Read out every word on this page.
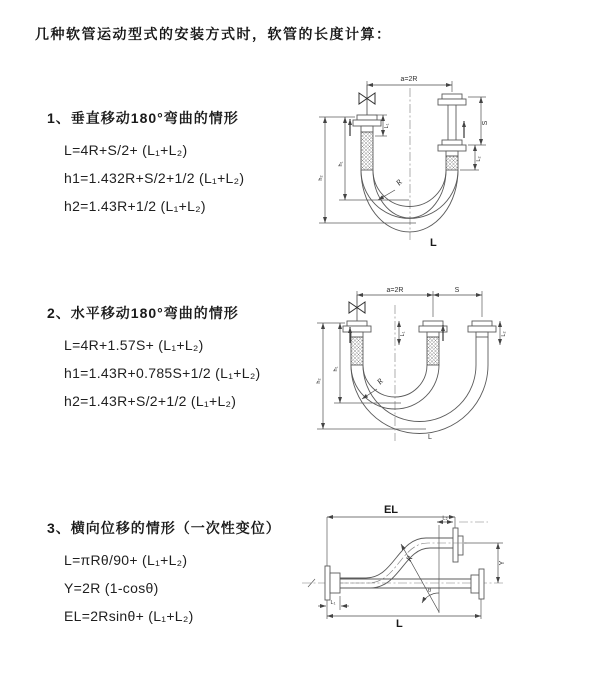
几种软管运动型式的安装方式时，软管的长度计算：
1、垂直移动180°弯曲的情形

L=4R+S/2+ (L₁+L₂)

h1=1.432R+S/2+1/2 (L₁+L₂)

h2=1.43R+1/2 (L₁+L₂)

a=2R
L₁
S
L₂
h₂
h₁
R
L
2、水平移动180°弯曲的情形

L=4R+1.57S+ (L₁+L₂)

h1=1.43R+0.785S+1/2 (L₁+L₂)

h2=1.43R+S/2+1/2 (L₁+L₂)

a=2R	S
L₁	L₂
h₂
h₁
R
L
3、横向位移的情形（一次性变位）

L=πRθ/90+ (L₁+L₂)

Y=2R (1-cosθ)

EL=2Rsinθ+ (L₁+L₂)

EL
L₂
R
θ
Y
L₁
L
